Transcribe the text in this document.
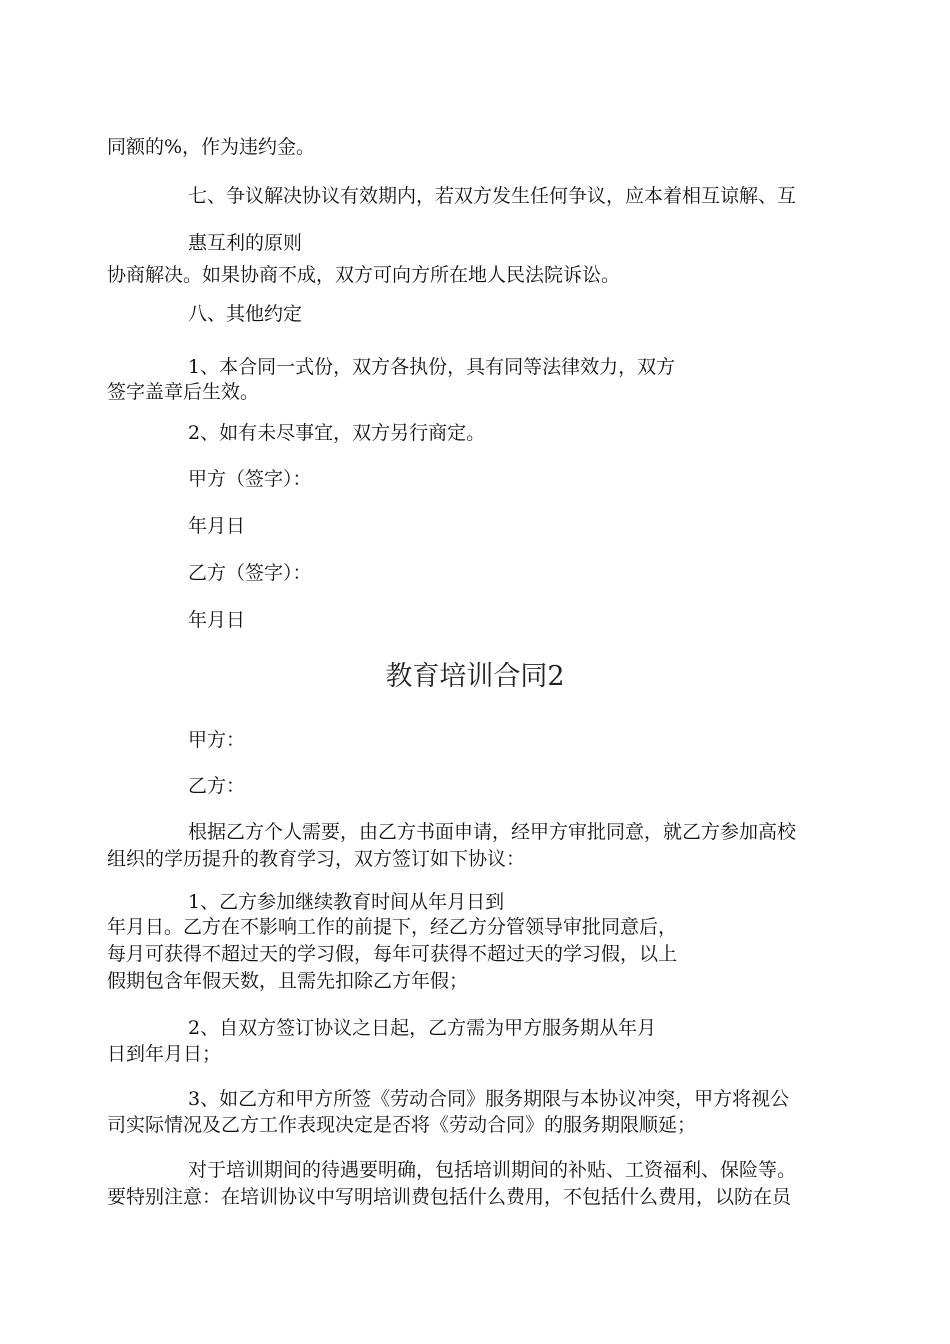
同额的%，作为违约金。
七、争议解决协议有效期内，若双方发生任何争议，应本着相互谅解、互
惠互利的原则
协商解决。如果协商不成，双方可向方所在地人民法院诉讼。
八、其他约定
1、本合同一式份，双方各执份，具有同等法律效力，双方
签字盖章后生效。
2、如有未尽事宜，双方另行商定。
甲方（签字）：
年月日
乙方（签字）：
年月日
教育培训合同2
甲方：
乙方：
根据乙方个人需要，由乙方书面申请，经甲方审批同意，就乙方参加高校
组织的学历提升的教育学习，双方签订如下协议：
1、乙方参加继续教育时间从年月日到
年月日。乙方在不影响工作的前提下，经乙方分管领导审批同意后，
每月可获得不超过天的学习假，每年可获得不超过天的学习假，以上
假期包含年假天数，且需先扣除乙方年假；
2、自双方签订协议之日起，乙方需为甲方服务期从年月
日到年月日；
3、如乙方和甲方所签《劳动合同》服务期限与本协议冲突，甲方将视公
司实际情况及乙方工作表现决定是否将《劳动合同》的服务期限顺延；
对于培训期间的待遇要明确，包括培训期间的补贴、工资福利、保险等。
要特别注意：在培训协议中写明培训费包括什么费用，不包括什么费用，以防在员
